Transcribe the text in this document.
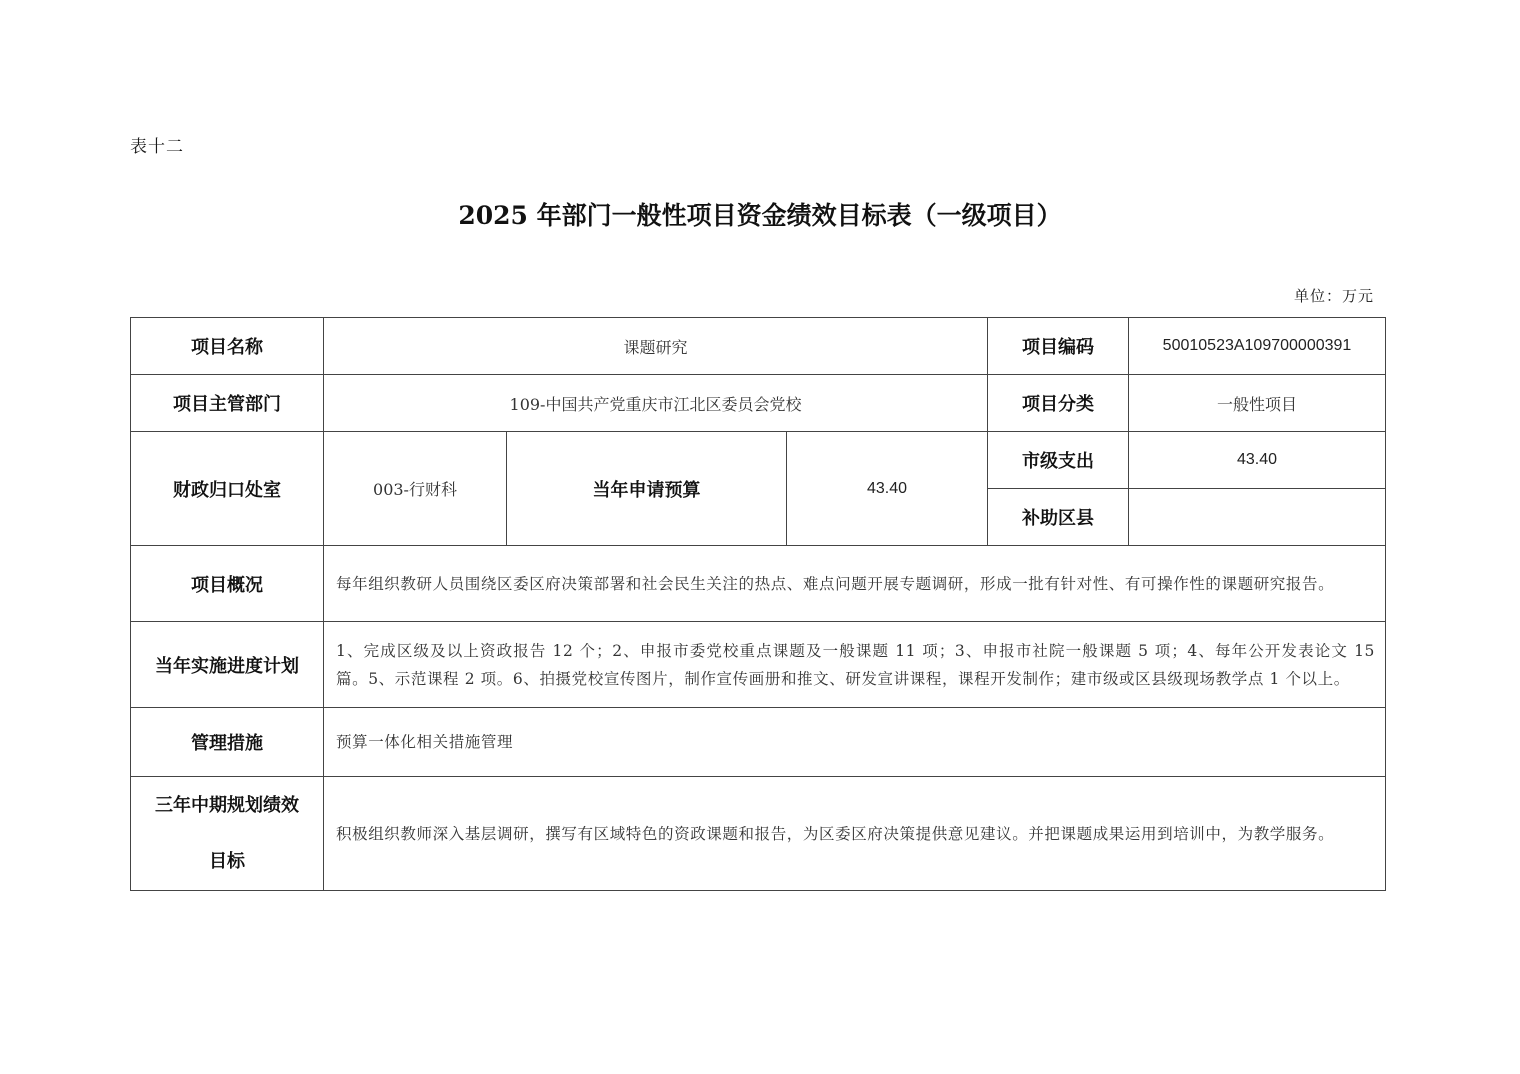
表十二
2025 年部门一般性项目资金绩效目标表（一级项目）
单位：万元
项目名称	课题研究			项目编码	50010523A109700000391
项目主管部门	109-中国共产党重庆市江北区委员会党校			项目分类	一般性项目
财政归口处室	003-行财科	当年申请预算	43.40	市级支出	43.40
				补助区县	
项目概况	每年组织教研人员围绕区委区府决策部署和社会民生关注的热点、难点问题开展专题调研，形成一批有针对性、有可操作性的课题研究报告。				
当年实施进度计划	1、完成区级及以上资政报告 12 个；2、申报市委党校重点课题及一般课题 11 项；3、申报市社院一般课题 5 项；4、每年公开发表论文 15 篇。5、示范课程 2 项。6、拍摄党校宣传图片，制作宣传画册和推文、研发宣讲课程，课程开发制作；建市级或区县级现场教学点 1 个以上。				
管理措施	预算一体化相关措施管理				

三年中期规划绩效
目标	积极组织教师深入基层调研，撰写有区域特色的资政课题和报告，为区委区府决策提供意见建议。并把课题成果运用到培训中，为教学服务。				
